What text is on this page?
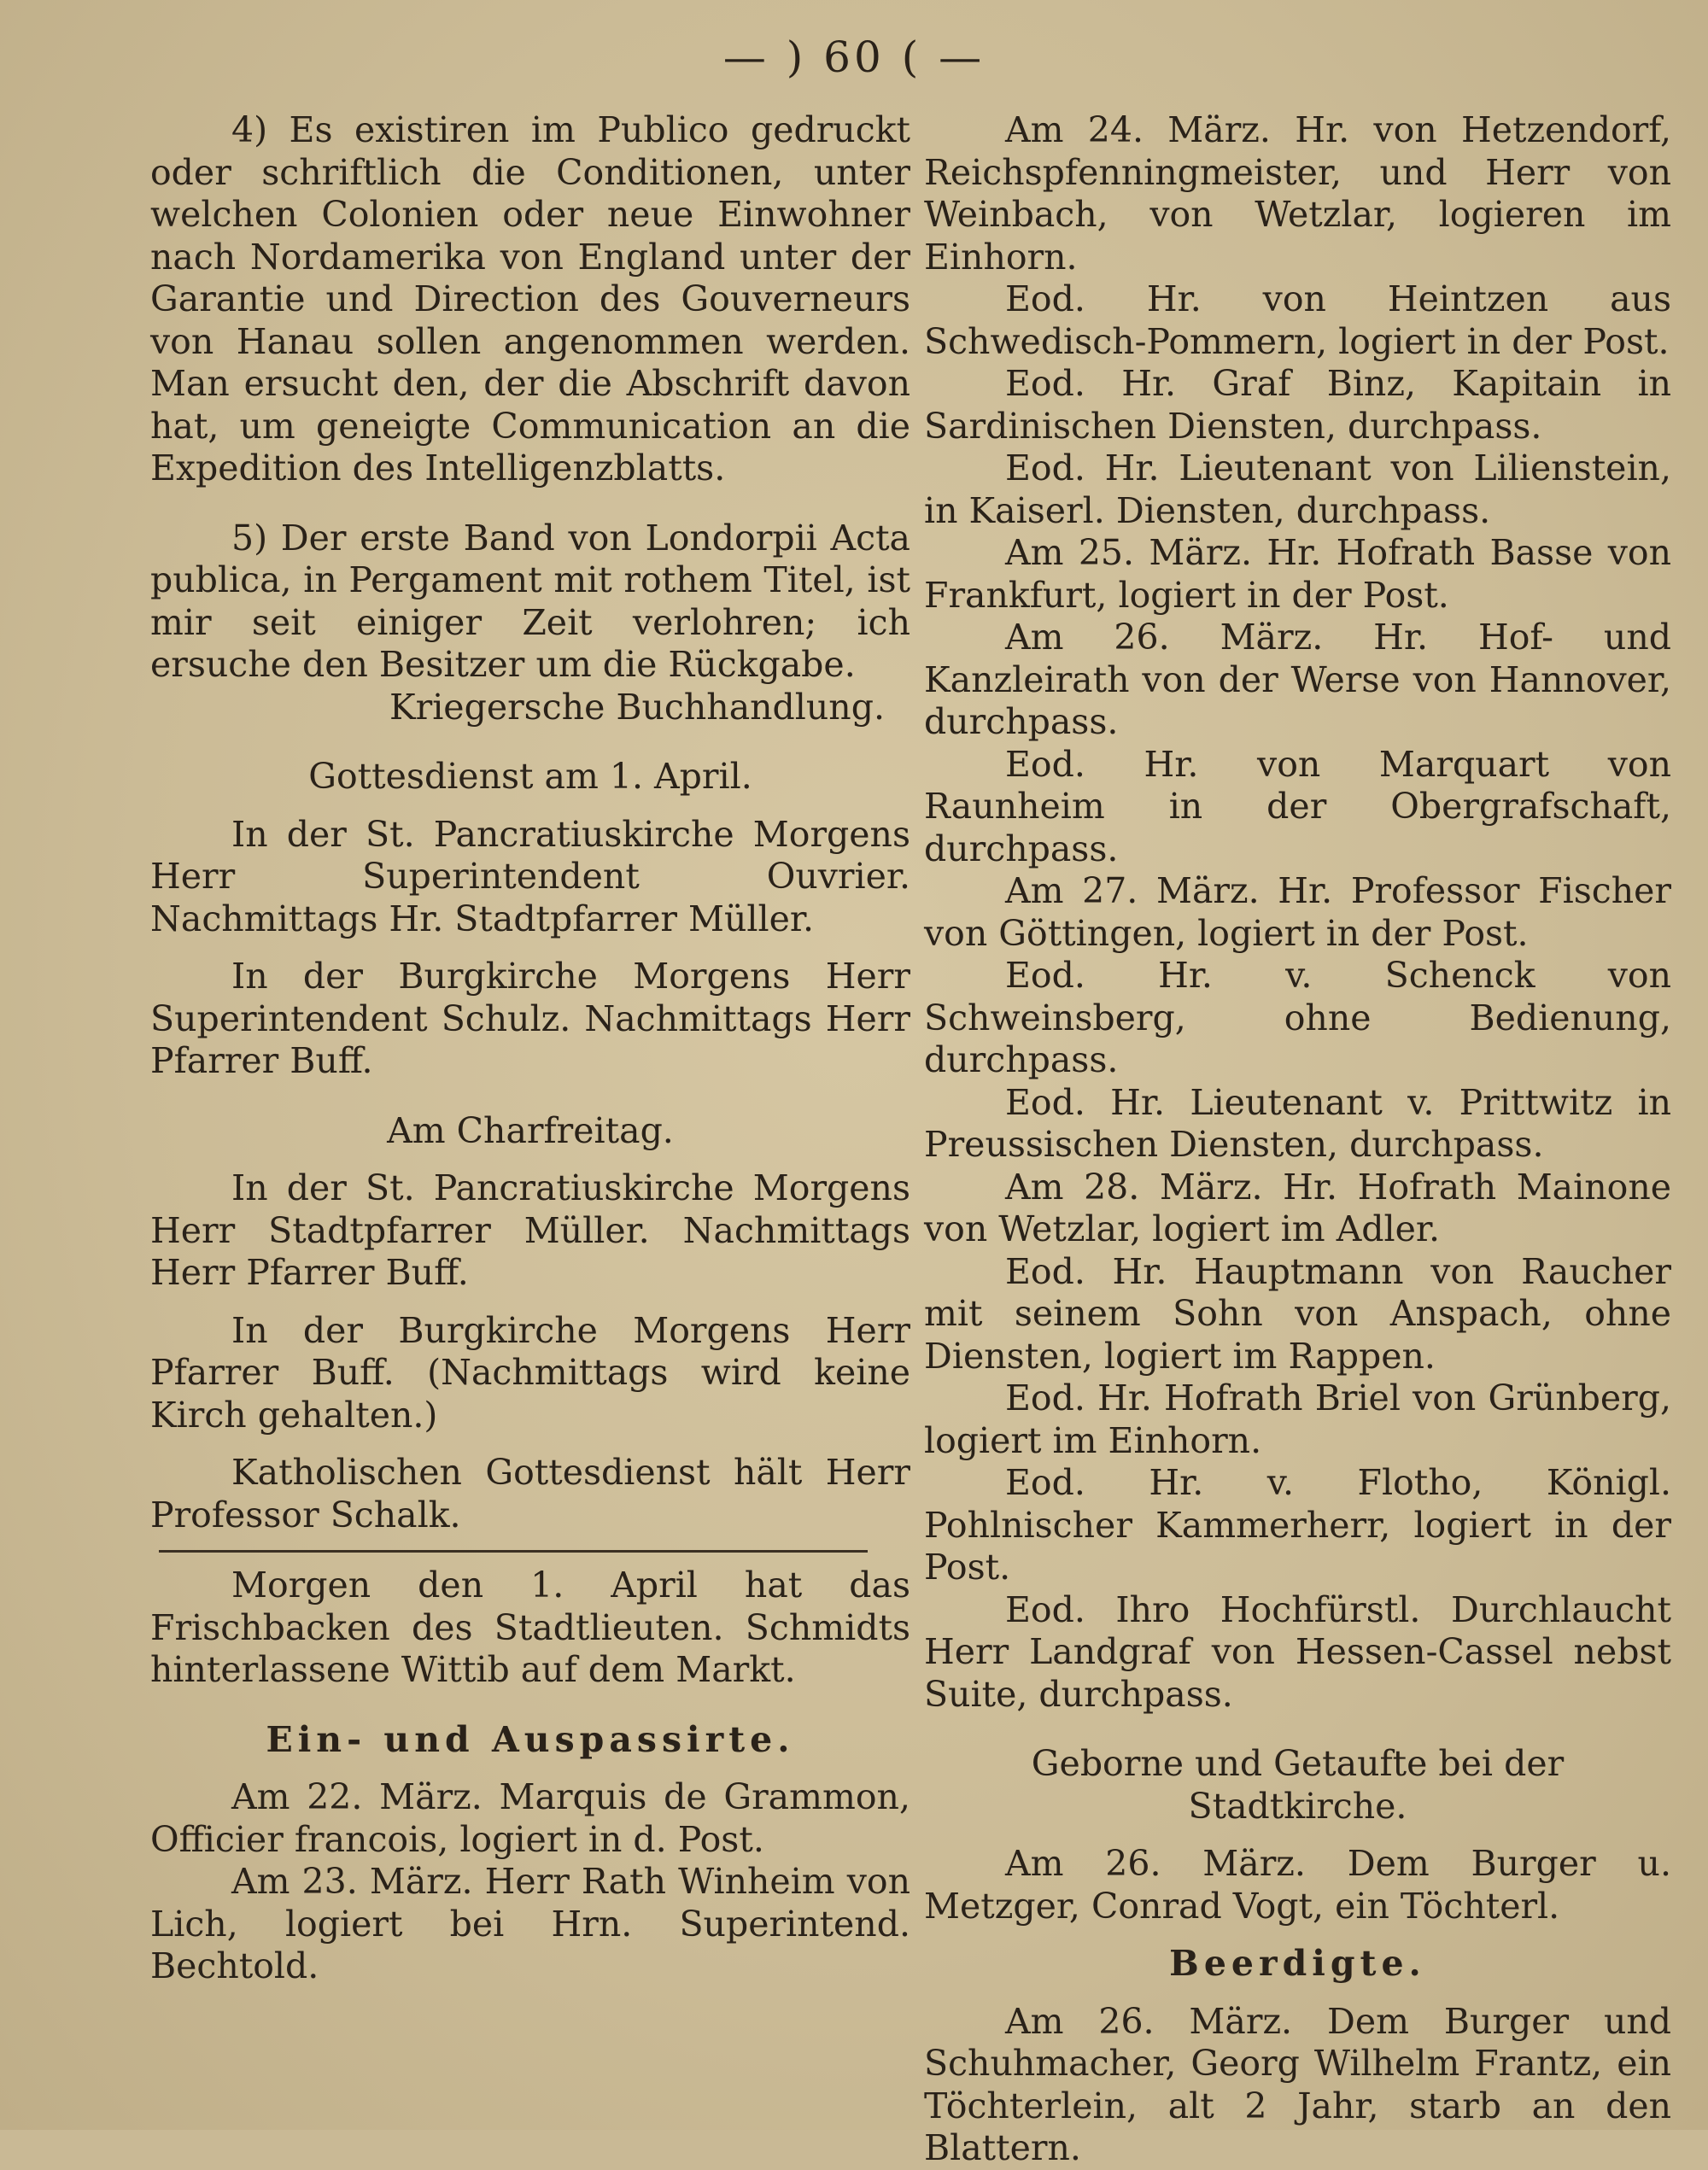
— ) 60 ( —

4) Es existiren im Publico gedruckt oder schriftlich die Conditionen, unter welchen Colonien oder neue Einwohner nach Nordamerika von England unter der Garantie und Direction des Gouverneurs von Hanau sollen angenommen werden. Man ersucht den, der die Abschrift davon hat, um geneigte Communication an die Expedition des Intelligenzblatts.

5) Der erste Band von Londorpii Acta publica, in Pergament mit rothem Titel, ist mir seit einiger Zeit verlohren; ich ersuche den Besitzer um die Rückgabe.

Kriegersche Buchhandlung.

Gottesdienst am 1. April.

In der St. Pancratiuskirche Morgens Herr Superintendent Ouvrier. Nachmittags Hr. Stadtpfarrer Müller.

In der Burgkirche Morgens Herr Superintendent Schulz. Nachmittags Herr Pfarrer Buff.

Am Charfreitag.

In der St. Pancratiuskirche Morgens Herr Stadtpfarrer Müller. Nachmittags Herr Pfarrer Buff.

In der Burgkirche Morgens Herr Pfarrer Buff. (Nachmittags wird keine Kirch gehalten.)

Katholischen Gottesdienst hält Herr Professor Schalk.

Morgen den 1. April hat das Frischbacken des Stadtlieuten. Schmidts hinterlassene Wittib auf dem Markt.

Ein- und Auspassirte.

Am 22. März. Marquis de Grammon, Officier francois, logiert in d. Post.

Am 23. März. Herr Rath Winheim von Lich, logiert bei Hrn. Superintend. Bechtold.

Am 24. März. Hr. von Hetzendorf, Reichspfenningmeister, und Herr von Weinbach, von Wetzlar, logieren im Einhorn.

Eod. Hr. von Heintzen aus Schwedisch-Pommern, logiert in der Post.

Eod. Hr. Graf Binz, Kapitain in Sardinischen Diensten, durchpass.

Eod. Hr. Lieutenant von Lilienstein, in Kaiserl. Diensten, durchpass.

Am 25. März. Hr. Hofrath Basse von Frankfurt, logiert in der Post.

Am 26. März. Hr. Hof- und Kanzleirath von der Werse von Hannover, durchpass.

Eod. Hr. von Marquart von Raunheim in der Obergrafschaft, durchpass.

Am 27. März. Hr. Professor Fischer von Göttingen, logiert in der Post.

Eod. Hr. v. Schenck von Schweinsberg, ohne Bedienung, durchpass.

Eod. Hr. Lieutenant v. Prittwitz in Preussischen Diensten, durchpass.

Am 28. März. Hr. Hofrath Mainone von Wetzlar, logiert im Adler.

Eod. Hr. Hauptmann von Raucher mit seinem Sohn von Anspach, ohne Diensten, logiert im Rappen.

Eod. Hr. Hofrath Briel von Grünberg, logiert im Einhorn.

Eod. Hr. v. Flotho, Königl. Pohlnischer Kammerherr, logiert in der Post.

Eod. Ihro Hochfürstl. Durchlaucht Herr Landgraf von Hessen-Cassel nebst Suite, durchpass.

Geborne und Getaufte bei der Stadtkirche.

Am 26. März. Dem Burger u. Metzger, Conrad Vogt, ein Töchterl.

Beerdigte.

Am 26. März. Dem Burger und Schuhmacher, Georg Wilhelm Frantz, ein Töchterlein, alt 2 Jahr, starb an den Blattern.
